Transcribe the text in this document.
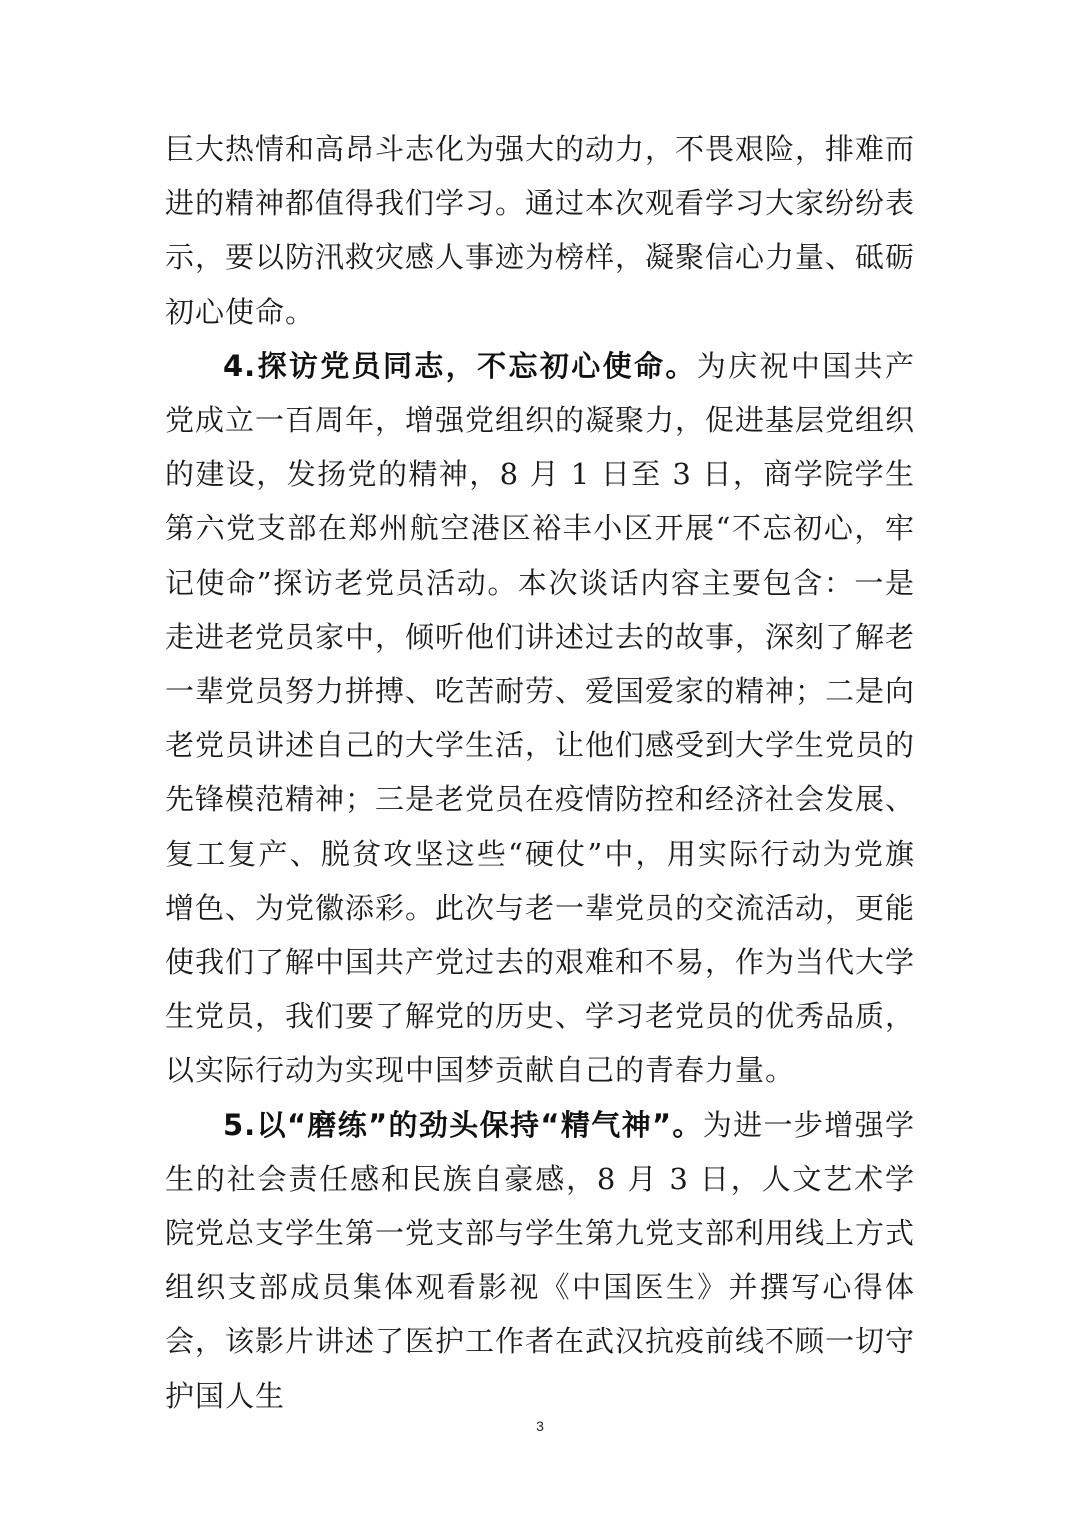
巨大热情和高昂斗志化为强大的动力，不畏艰险，排难而进的精神都值得我们学习。通过本次观看学习大家纷纷表示，要以防汛救灾感人事迹为榜样，凝聚信心力量、砥砺初心使命。

4.探访党员同志，不忘初心使命。为庆祝中国共产党成立一百周年，增强党组织的凝聚力，促进基层党组织的建设，发扬党的精神，8 月 1 日至 3 日，商学院学生第六党支部在郑州航空港区裕丰小区开展“不忘初心，牢记使命”探访老党员活动。本次谈话内容主要包含：一是走进老党员家中，倾听他们讲述过去的故事，深刻了解老一辈党员努力拼搏、吃苦耐劳、爱国爱家的精神；二是向老党员讲述自己的大学生活，让他们感受到大学生党员的先锋模范精神；三是老党员在疫情防控和经济社会发展、复工复产、脱贫攻坚这些“硬仗”中，用实际行动为党旗增色、为党徽添彩。此次与老一辈党员的交流活动，更能使我们了解中国共产党过去的艰难和不易，作为当代大学生党员，我们要了解党的历史、学习老党员的优秀品质，以实际行动为实现中国梦贡献自己的青春力量。

5.以“磨练”的劲头保持“精气神”。为进一步增强学生的社会责任感和民族自豪感，8 月 3 日，人文艺术学院党总支学生第一党支部与学生第九党支部利用线上方式组织支部成员集体观看影视《中国医生》并撰写心得体会，该影片讲述了医护工作者在武汉抗疫前线不顾一切守护国人生

3
